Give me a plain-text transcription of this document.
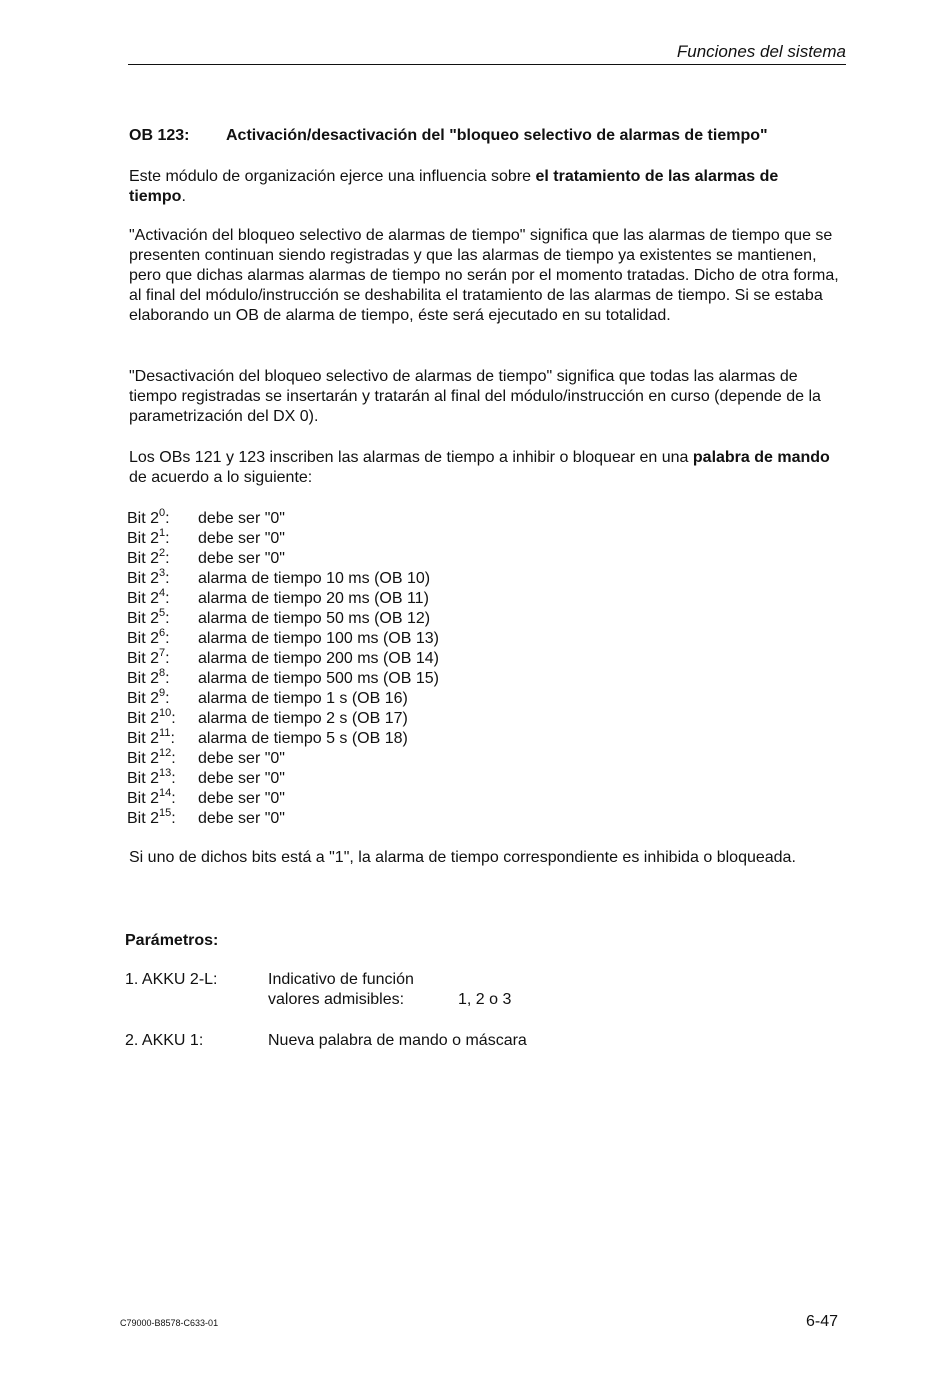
Funciones del sistema
OB 123: Activación/desactivación del "bloqueo selectivo de alarmas de tiempo"
Este módulo de organización ejerce una influencia sobre el tratamiento de las alarmas de tiempo.
"Activación del bloqueo selectivo de alarmas de tiempo" significa que las alarmas de tiempo que se presenten continuan siendo registradas y que las alarmas de tiempo ya existentes se mantienen, pero que dichas alarmas alarmas de tiempo no serán por el momento tratadas. Dicho de otra forma, al final del módulo/instrucción se deshabilita el tratamiento de las alarmas de tiempo. Si se estaba elaborando un OB de alarma de tiempo, éste será ejecutado en su totalidad.
"Desactivación del bloqueo selectivo de alarmas de tiempo" significa que todas las alarmas de tiempo registradas se insertarán y tratarán al final del módulo/instrucción en curso (depende de la parametrización del DX 0).
Los OBs 121 y 123 inscriben las alarmas de tiempo a inhibir o bloquear en una palabra de mando de acuerdo a lo siguiente:
Bit $2^0$:	debe ser "0"
Bit $2^1$:	debe ser "0"
Bit $2^2$:	debe ser "0"
Bit $2^3$:	alarma de tiempo 10 ms (OB 10)
Bit $2^4$:	alarma de tiempo 20 ms (OB 11)
Bit $2^5$:	alarma de tiempo 50 ms (OB 12)
Bit $2^6$:	alarma de tiempo 100 ms (OB 13)
Bit $2^7$:	alarma de tiempo 200 ms (OB 14)
Bit $2^8$:	alarma de tiempo 500 ms (OB 15)
Bit $2^9$:	alarma de tiempo 1 s (OB 16)
Bit $2^{10}$:	alarma de tiempo 2 s (OB 17)
Bit $2^{11}$:	alarma de tiempo 5 s (OB 18)
Bit $2^{12}$:	debe ser "0"
Bit $2^{13}$:	debe ser "0"
Bit $2^{14}$:	debe ser "0"
Bit $2^{15}$:	debe ser "0"
Si uno de dichos bits está a "1", la alarma de tiempo correspondiente es inhibida o bloqueada.
Parámetros:
1. AKKU 2-L:	Indicativo de función
valores admisibles:	1, 2 o 3
2. AKKU 1:	Nueva palabra de mando o máscara
C79000-B8578-C633-01	6-47
